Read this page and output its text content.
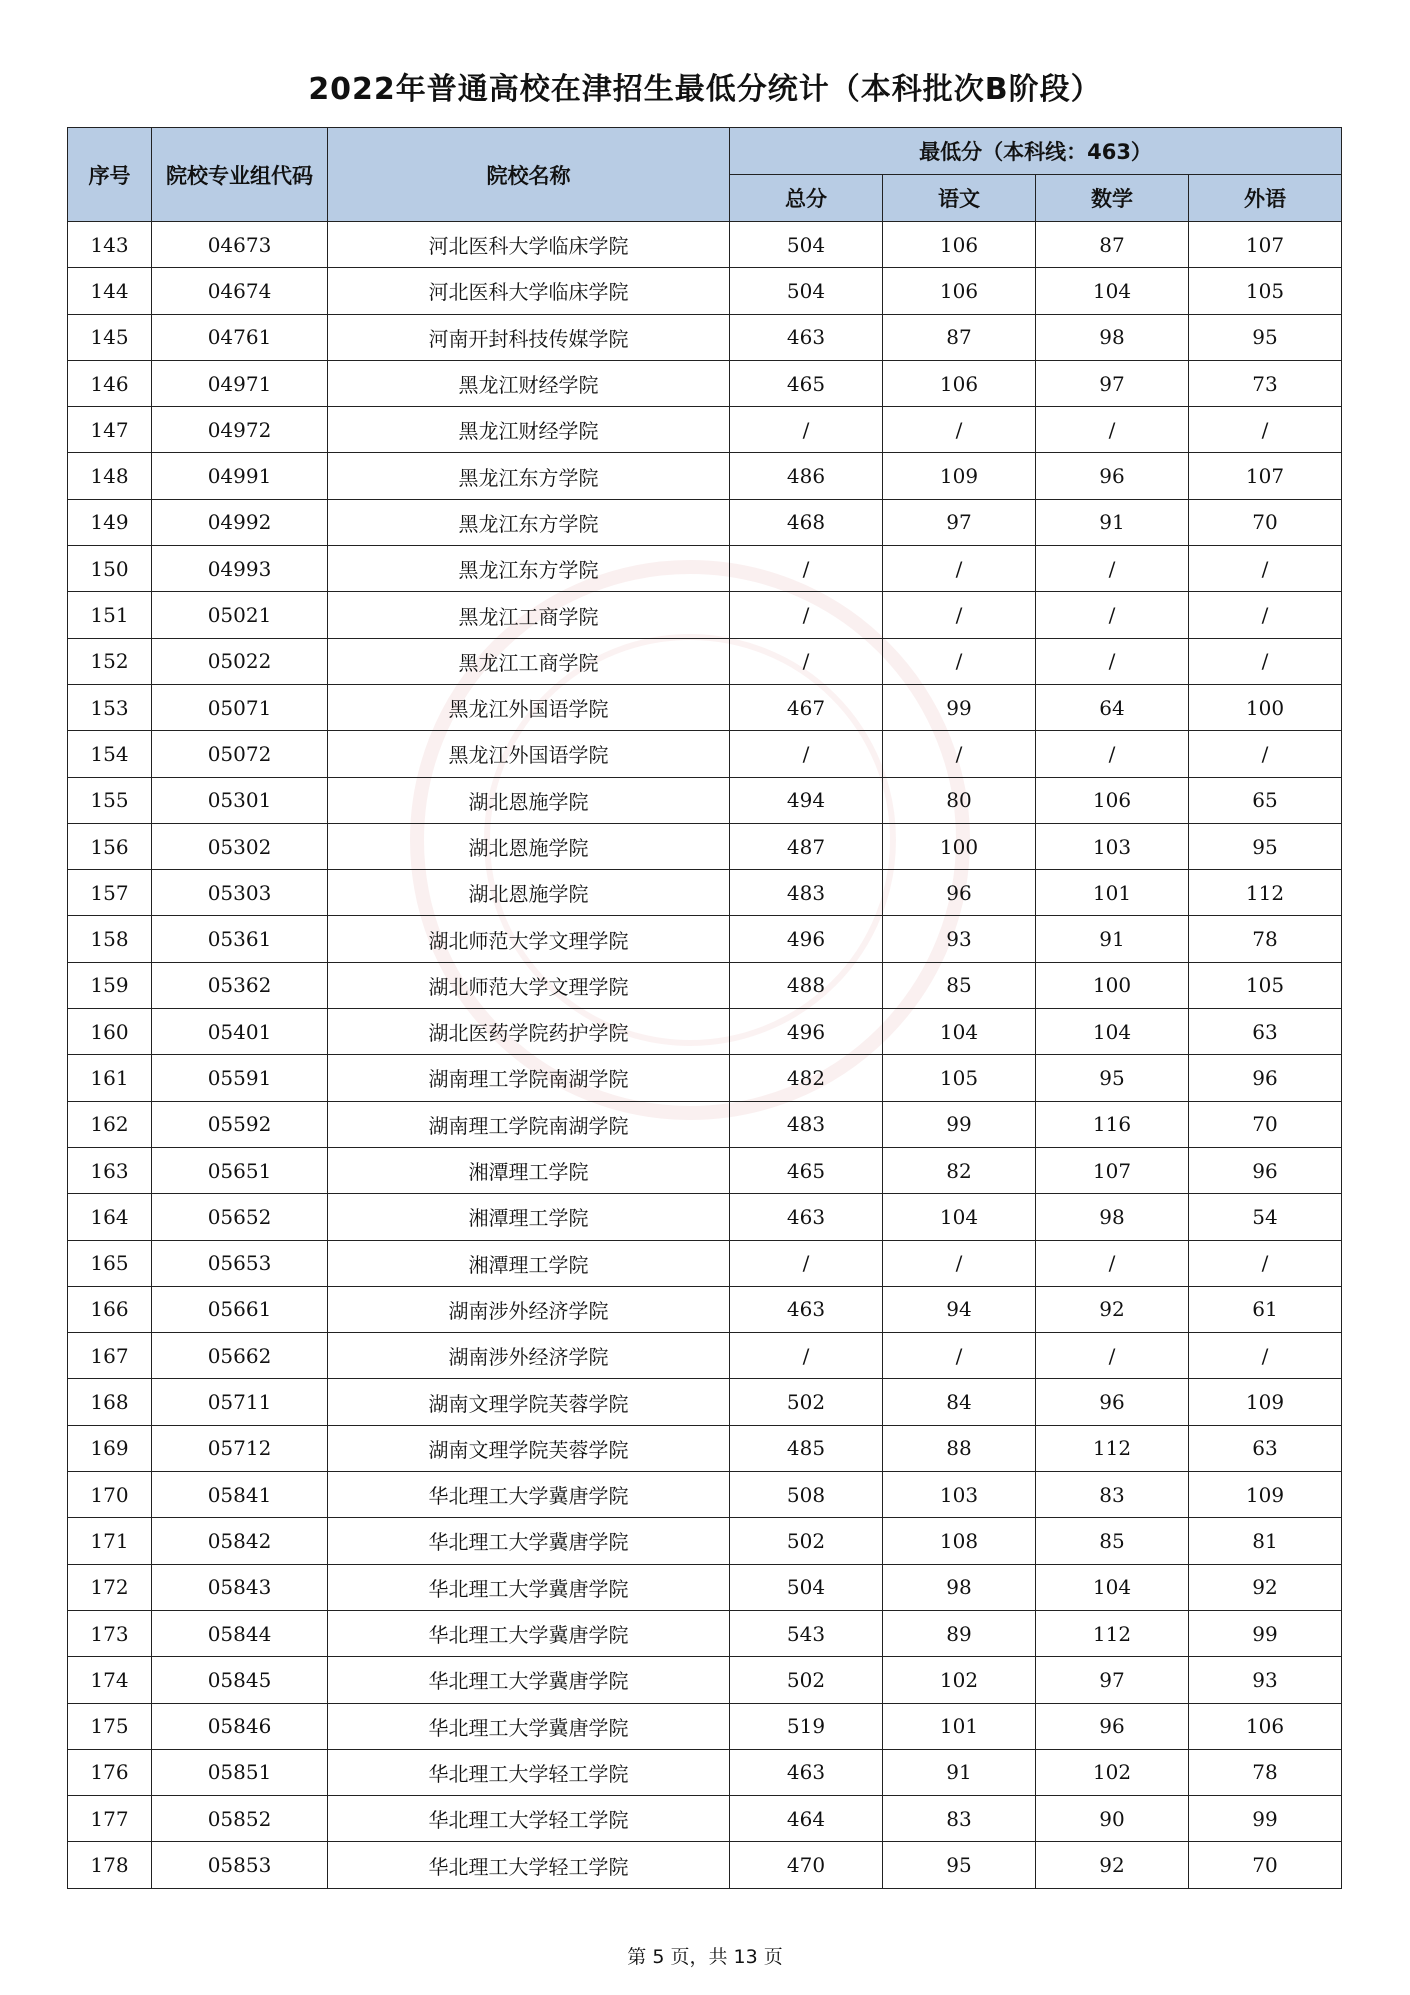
2022年普通高校在津招生最低分统计（本科批次B阶段）
序号	院校专业组代码	院校名称	最低分（本科线：463）			
			总分	语文	数学	外语
143	04673	河北医科大学临床学院	504	106	87	107
144	04674	河北医科大学临床学院	504	106	104	105
145	04761	河南开封科技传媒学院	463	87	98	95
146	04971	黑龙江财经学院	465	106	97	73
147	04972	黑龙江财经学院	/	/	/	/
148	04991	黑龙江东方学院	486	109	96	107
149	04992	黑龙江东方学院	468	97	91	70
150	04993	黑龙江东方学院	/	/	/	/
151	05021	黑龙江工商学院	/	/	/	/
152	05022	黑龙江工商学院	/	/	/	/
153	05071	黑龙江外国语学院	467	99	64	100
154	05072	黑龙江外国语学院	/	/	/	/
155	05301	湖北恩施学院	494	80	106	65
156	05302	湖北恩施学院	487	100	103	95
157	05303	湖北恩施学院	483	96	101	112
158	05361	湖北师范大学文理学院	496	93	91	78
159	05362	湖北师范大学文理学院	488	85	100	105
160	05401	湖北医药学院药护学院	496	104	104	63
161	05591	湖南理工学院南湖学院	482	105	95	96
162	05592	湖南理工学院南湖学院	483	99	116	70
163	05651	湘潭理工学院	465	82	107	96
164	05652	湘潭理工学院	463	104	98	54
165	05653	湘潭理工学院	/	/	/	/
166	05661	湖南涉外经济学院	463	94	92	61
167	05662	湖南涉外经济学院	/	/	/	/
168	05711	湖南文理学院芙蓉学院	502	84	96	109
169	05712	湖南文理学院芙蓉学院	485	88	112	63
170	05841	华北理工大学冀唐学院	508	103	83	109
171	05842	华北理工大学冀唐学院	502	108	85	81
172	05843	华北理工大学冀唐学院	504	98	104	92
173	05844	华北理工大学冀唐学院	543	89	112	99
174	05845	华北理工大学冀唐学院	502	102	97	93
175	05846	华北理工大学冀唐学院	519	101	96	106
176	05851	华北理工大学轻工学院	463	91	102	78
177	05852	华北理工大学轻工学院	464	83	90	99
178	05853	华北理工大学轻工学院	470	95	92	70
第 5 页，共 13 页
